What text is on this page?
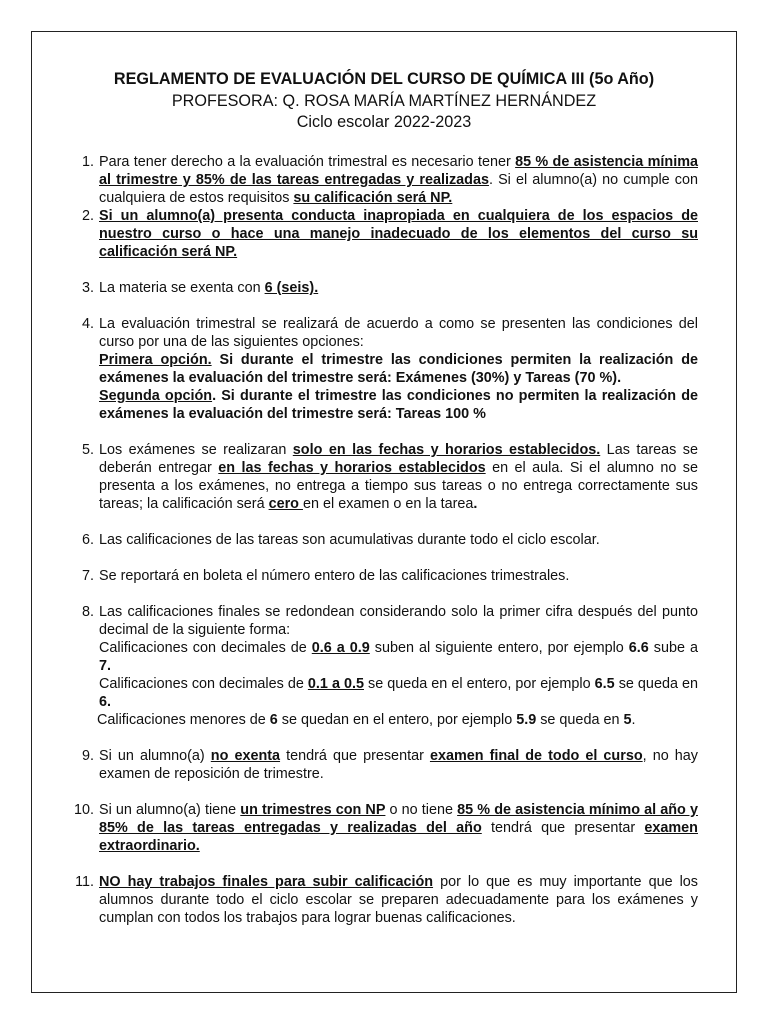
REGLAMENTO DE EVALUACIÓN DEL CURSO DE QUÍMICA III (5o Año)
PROFESORA: Q. ROSA MARÍA MARTÍNEZ HERNÁNDEZ
Ciclo escolar 2022-2023
1. Para tener derecho a la evaluación trimestral es necesario tener 85 % de asistencia mínima al trimestre y 85% de las tareas entregadas y realizadas. Si el alumno(a) no cumple con cualquiera de estos requisitos su calificación será NP.
2. Si un alumno(a) presenta conducta inapropiada en cualquiera de los espacios de nuestro curso o hace una manejo inadecuado de los elementos del curso su calificación será NP.
3. La materia se exenta con 6 (seis).
4. La evaluación trimestral se realizará de acuerdo a como se presenten las condiciones del curso por una de las siguientes opciones:
Primera opción. Si durante el trimestre las condiciones permiten la realización de exámenes la evaluación del trimestre será: Exámenes (30%) y Tareas (70 %).
Segunda opción. Si durante el trimestre las condiciones no permiten la realización de exámenes la evaluación del trimestre será: Tareas 100 %
5. Los exámenes se realizaran solo en las fechas y horarios establecidos. Las tareas se deberán entregar en las fechas y horarios establecidos en el aula. Si el alumno no se presenta a los exámenes, no entrega a tiempo sus tareas o no entrega correctamente sus tareas; la calificación será cero en el examen o en la tarea.
6. Las calificaciones de las tareas son acumulativas durante todo el ciclo escolar.
7. Se reportará en boleta el número entero de las calificaciones trimestrales.
8. Las calificaciones finales se redondean considerando solo la primer cifra después del punto decimal de la siguiente forma:
Calificaciones con decimales de 0.6 a 0.9 suben al siguiente entero, por ejemplo 6.6 sube a 7.
Calificaciones con decimales de 0.1 a 0.5 se queda en el entero, por ejemplo 6.5 se queda en 6.
Calificaciones menores de 6 se quedan en el entero, por ejemplo 5.9 se queda en 5.
9. Si un alumno(a) no exenta tendrá que presentar examen final de todo el curso, no hay examen de reposición de trimestre.
10. Si un alumno(a) tiene un trimestres con NP o no tiene 85 % de asistencia mínimo al año y 85% de las tareas entregadas y realizadas del año tendrá que presentar examen extraordinario.
11. NO hay trabajos finales para subir calificación por lo que es muy importante que los alumnos durante todo el ciclo escolar se preparen adecuadamente para los exámenes y cumplan con todos los trabajos para lograr buenas calificaciones.
